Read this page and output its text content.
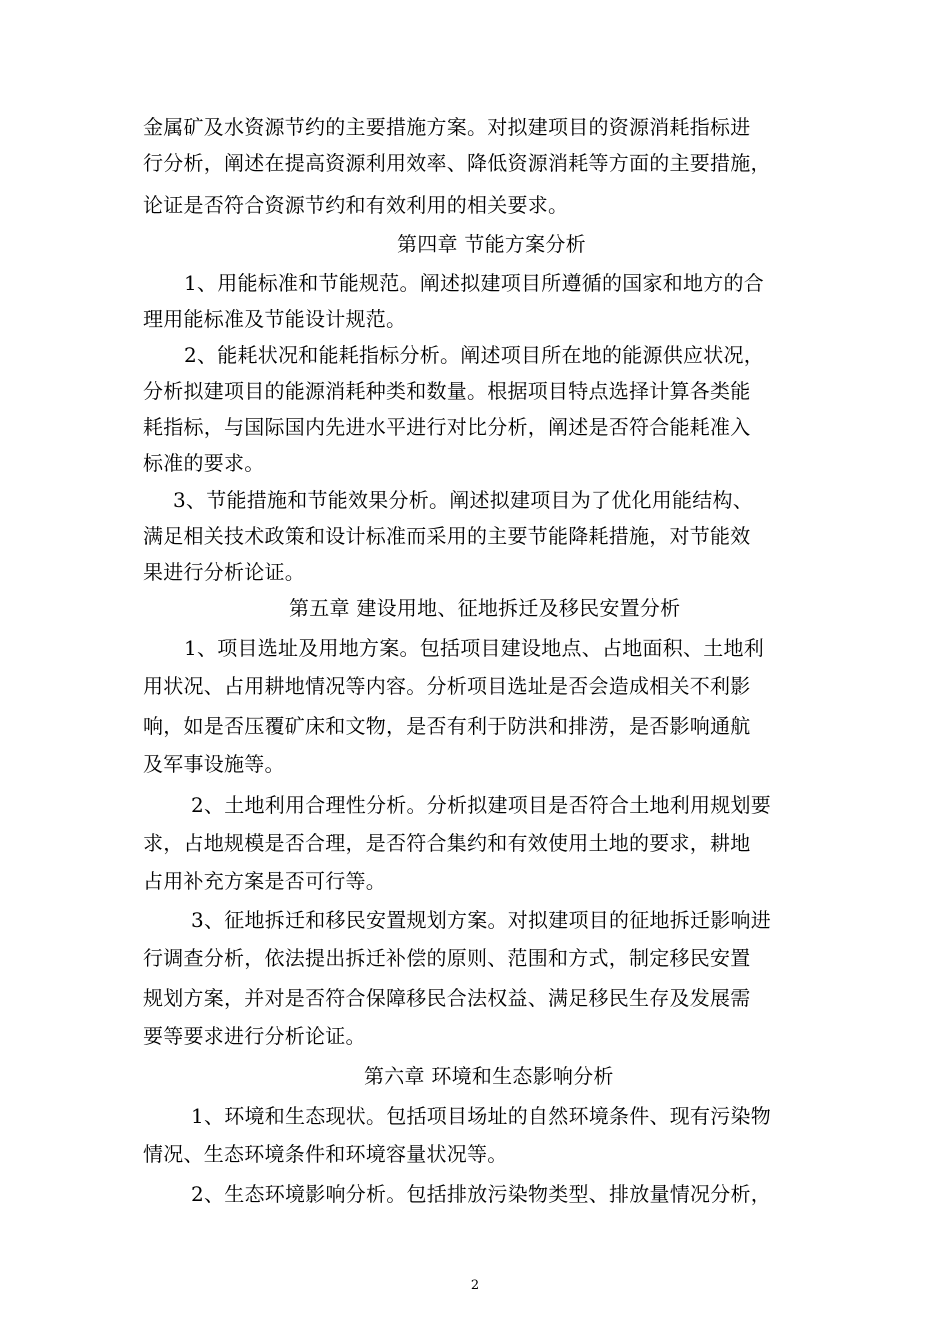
金属矿及水资源节约的主要措施方案。对拟建项目的资源消耗指标进
行分析，阐述在提高资源利用效率、降低资源消耗等方面的主要措施，
论证是否符合资源节约和有效利用的相关要求。
第四章 节能方案分析
1、用能标准和节能规范。阐述拟建项目所遵循的国家和地方的合
理用能标准及节能设计规范。
2、能耗状况和能耗指标分析。阐述项目所在地的能源供应状况，
分析拟建项目的能源消耗种类和数量。根据项目特点选择计算各类能
耗指标，与国际国内先进水平进行对比分析，阐述是否符合能耗准入
标准的要求。
3、节能措施和节能效果分析。阐述拟建项目为了优化用能结构、
满足相关技术政策和设计标准而采用的主要节能降耗措施，对节能效
果进行分析论证。
第五章 建设用地、征地拆迁及移民安置分析
1、项目选址及用地方案。包括项目建设地点、占地面积、土地利
用状况、占用耕地情况等内容。分析项目选址是否会造成相关不利影
响，如是否压覆矿床和文物，是否有利于防洪和排涝，是否影响通航
及军事设施等。
2、土地利用合理性分析。分析拟建项目是否符合土地利用规划要
求，占地规模是否合理，是否符合集约和有效使用土地的要求，耕地
占用补充方案是否可行等。
3、征地拆迁和移民安置规划方案。对拟建项目的征地拆迁影响进
行调查分析，依法提出拆迁补偿的原则、范围和方式，制定移民安置
规划方案，并对是否符合保障移民合法权益、满足移民生存及发展需
要等要求进行分析论证。
第六章 环境和生态影响分析
1、环境和生态现状。包括项目场址的自然环境条件、现有污染物
情况、生态环境条件和环境容量状况等。
2、生态环境影响分析。包括排放污染物类型、排放量情况分析，
2
